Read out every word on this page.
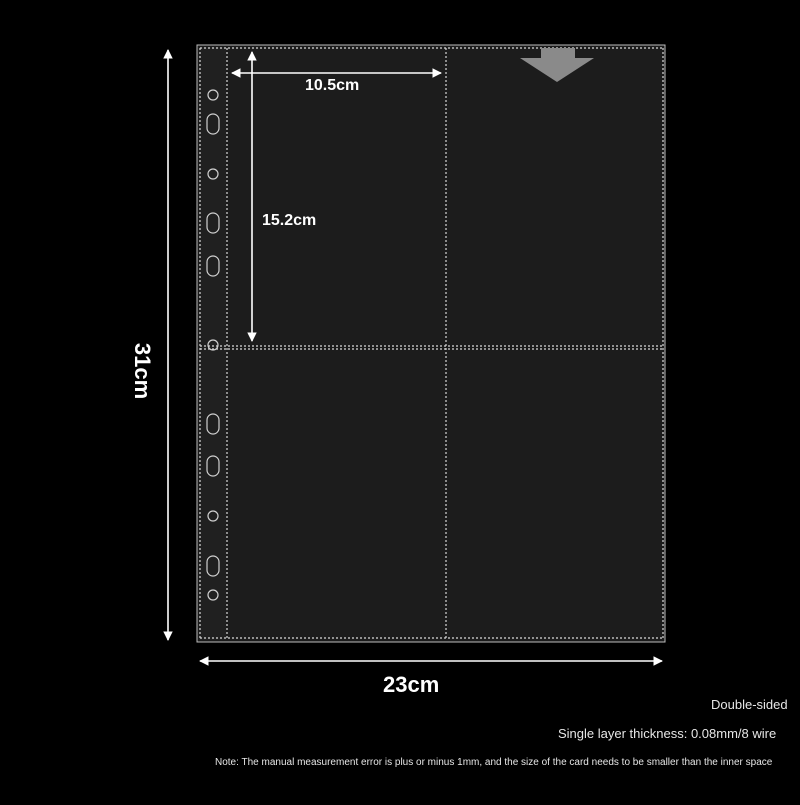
10.5cm
15.2cm
31cm
23cm
Double-sided
Single layer thickness: 0.08mm/8 wire
Note: The manual measurement error is plus or minus 1mm, and the size of the card needs to be smaller than the inner space
